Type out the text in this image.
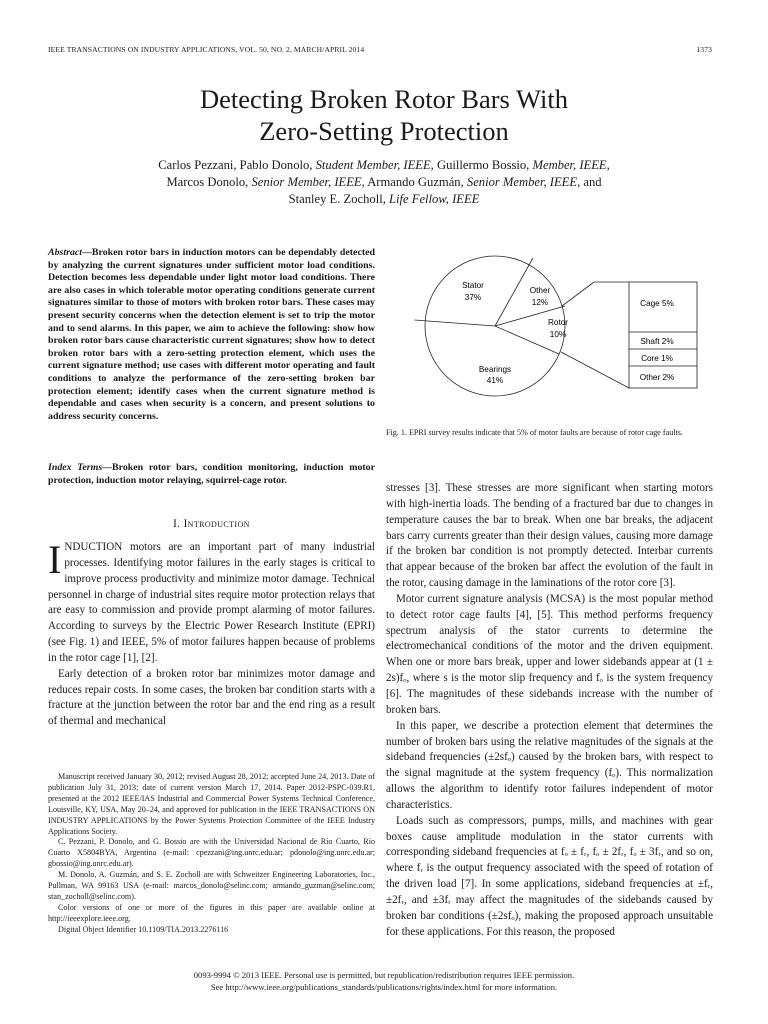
IEEE TRANSACTIONS ON INDUSTRY APPLICATIONS, VOL. 50, NO. 2, MARCH/APRIL 2014	1373
Detecting Broken Rotor Bars With
Zero-Setting Protection
Carlos Pezzani, Pablo Donolo, Student Member, IEEE, Guillermo Bossio, Member, IEEE,
Marcos Donolo, Senior Member, IEEE, Armando Guzmán, Senior Member, IEEE, and
Stanley E. Zocholl, Life Fellow, IEEE
Abstract—Broken rotor bars in induction motors can be dependably detected by analyzing the current signatures under sufficient motor load conditions. Detection becomes less dependable under light motor load conditions. There are also cases in which tolerable motor operating conditions generate current signatures similar to those of motors with broken rotor bars. These cases may present security concerns when the detection element is set to trip the motor and to send alarms. In this paper, we aim to achieve the following: show how broken rotor bars cause characteristic current signatures; show how to detect broken rotor bars with a zero-setting protection element, which uses the current signature method; use cases with different motor operating and fault conditions to analyze the performance of the zero-setting broken bar protection element; identify cases when the current signature method is dependable and cases when security is a concern, and present solutions to address security concerns.
Index Terms—Broken rotor bars, condition monitoring, induction motor protection, induction motor relaying, squirrel-cage rotor.
I. Introduction

INDUCTION motors are an important part of many industrial processes. Identifying motor failures in the early stages is critical to improve process productivity and minimize motor damage. Technical personnel in charge of industrial sites require motor protection relays that are easy to commission and provide prompt alarming of motor failures. According to surveys by the Electric Power Research Institute (EPRI) (see Fig. 1) and IEEE, 5% of motor failures happen because of problems in the rotor cage [1], [2].

Early detection of a broken rotor bar minimizes motor damage and reduces repair costs. In some cases, the broken bar condition starts with a fracture at the junction between the rotor bar and the end ring as a result of thermal and mechanical

Manuscript received January 30, 2012; revised August 28, 2012; accepted June 24, 2013. Date of publication July 31, 2013; date of current version March 17, 2014. Paper 2012-PSPC-039.R1, presented at the 2012 IEEE/IAS Industrial and Commercial Power Systems Technical Conference, Louisville, KY, USA, May 20–24, and approved for publication in the IEEE TRANSACTIONS ON INDUSTRY APPLICATIONS by the Power Systems Protection Committee of the IEEE Industry Applications Society.

C. Pezzani, P. Donolo, and G. Bossio are with the Universidad Nacional de Río Cuarto, Río Cuarto X5804BYA, Argentina (e-mail: cpezzani@ing.unrc.edu.ar; pdonolo@ing.unrc.edu.ar; gbossio@ing.unrc.edu.ar).

M. Donolo, A. Guzmán, and S. E. Zocholl are with Schweitzer Engineering Laboratories, Inc., Pullman, WA 99163 USA (e-mail: marcos_donolo@selinc.com; armando_guzman@selinc.com; stan_zocholl@selinc.com).

Color versions of one or more of the figures in this paper are available online at http://ieeexplore.ieee.org.

Digital Object Identifier 10.1109/TIA.2013.2276116

Stator
37%
Other
12%
Rotor
10%
Bearings
41%
Cage 5%
Shaft 2%
Core 1%
Other 2%
Fig. 1. EPRI survey results indicate that 5% of motor faults are because of rotor cage faults.

stresses [3]. These stresses are more significant when starting motors with high-inertia loads. The bending of a fractured bar due to changes in temperature causes the bar to break. When one bar breaks, the adjacent bars carry currents greater than their design values, causing more damage if the broken bar condition is not promptly detected. Interbar currents that appear because of the broken bar affect the evolution of the fault in the rotor, causing damage in the laminations of the rotor core [3].

Motor current signature analysis (MCSA) is the most popular method to detect rotor cage faults [4], [5]. This method performs frequency spectrum analysis of the stator currents to determine the electromechanical conditions of the motor and the driven equipment. When one or more bars break, upper and lower sidebands appear at (1 ± 2s)fₒ, where s is the motor slip frequency and fₒ is the system frequency [6]. The magnitudes of these sidebands increase with the number of broken bars.

In this paper, we describe a protection element that determines the number of broken bars using the relative magnitudes of the signals at the sideband frequencies (±2sfₒ) caused by the broken bars, with respect to the signal magnitude at the system frequency (fₒ). This normalization allows the algorithm to identify rotor failures independent of motor characteristics.

Loads such as compressors, pumps, mills, and machines with gear boxes cause amplitude modulation in the stator currents with corresponding sideband frequencies at fₒ ± fᵣ, fₒ ± 2fᵣ, fₒ ± 3fᵣ, and so on, where fᵣ is the output frequency associated with the speed of rotation of the driven load [7]. In some applications, sideband frequencies at ±fᵣ, ±2fᵣ, and ±3fᵣ may affect the magnitudes of the sidebands caused by broken bar conditions (±2sfₒ), making the proposed approach unsuitable for these applications. For this reason, the proposed

0093-9994 © 2013 IEEE. Personal use is permitted, but republication/redistribution requires IEEE permission.
See http://www.ieee.org/publications_standards/publications/rights/index.html for more information.
